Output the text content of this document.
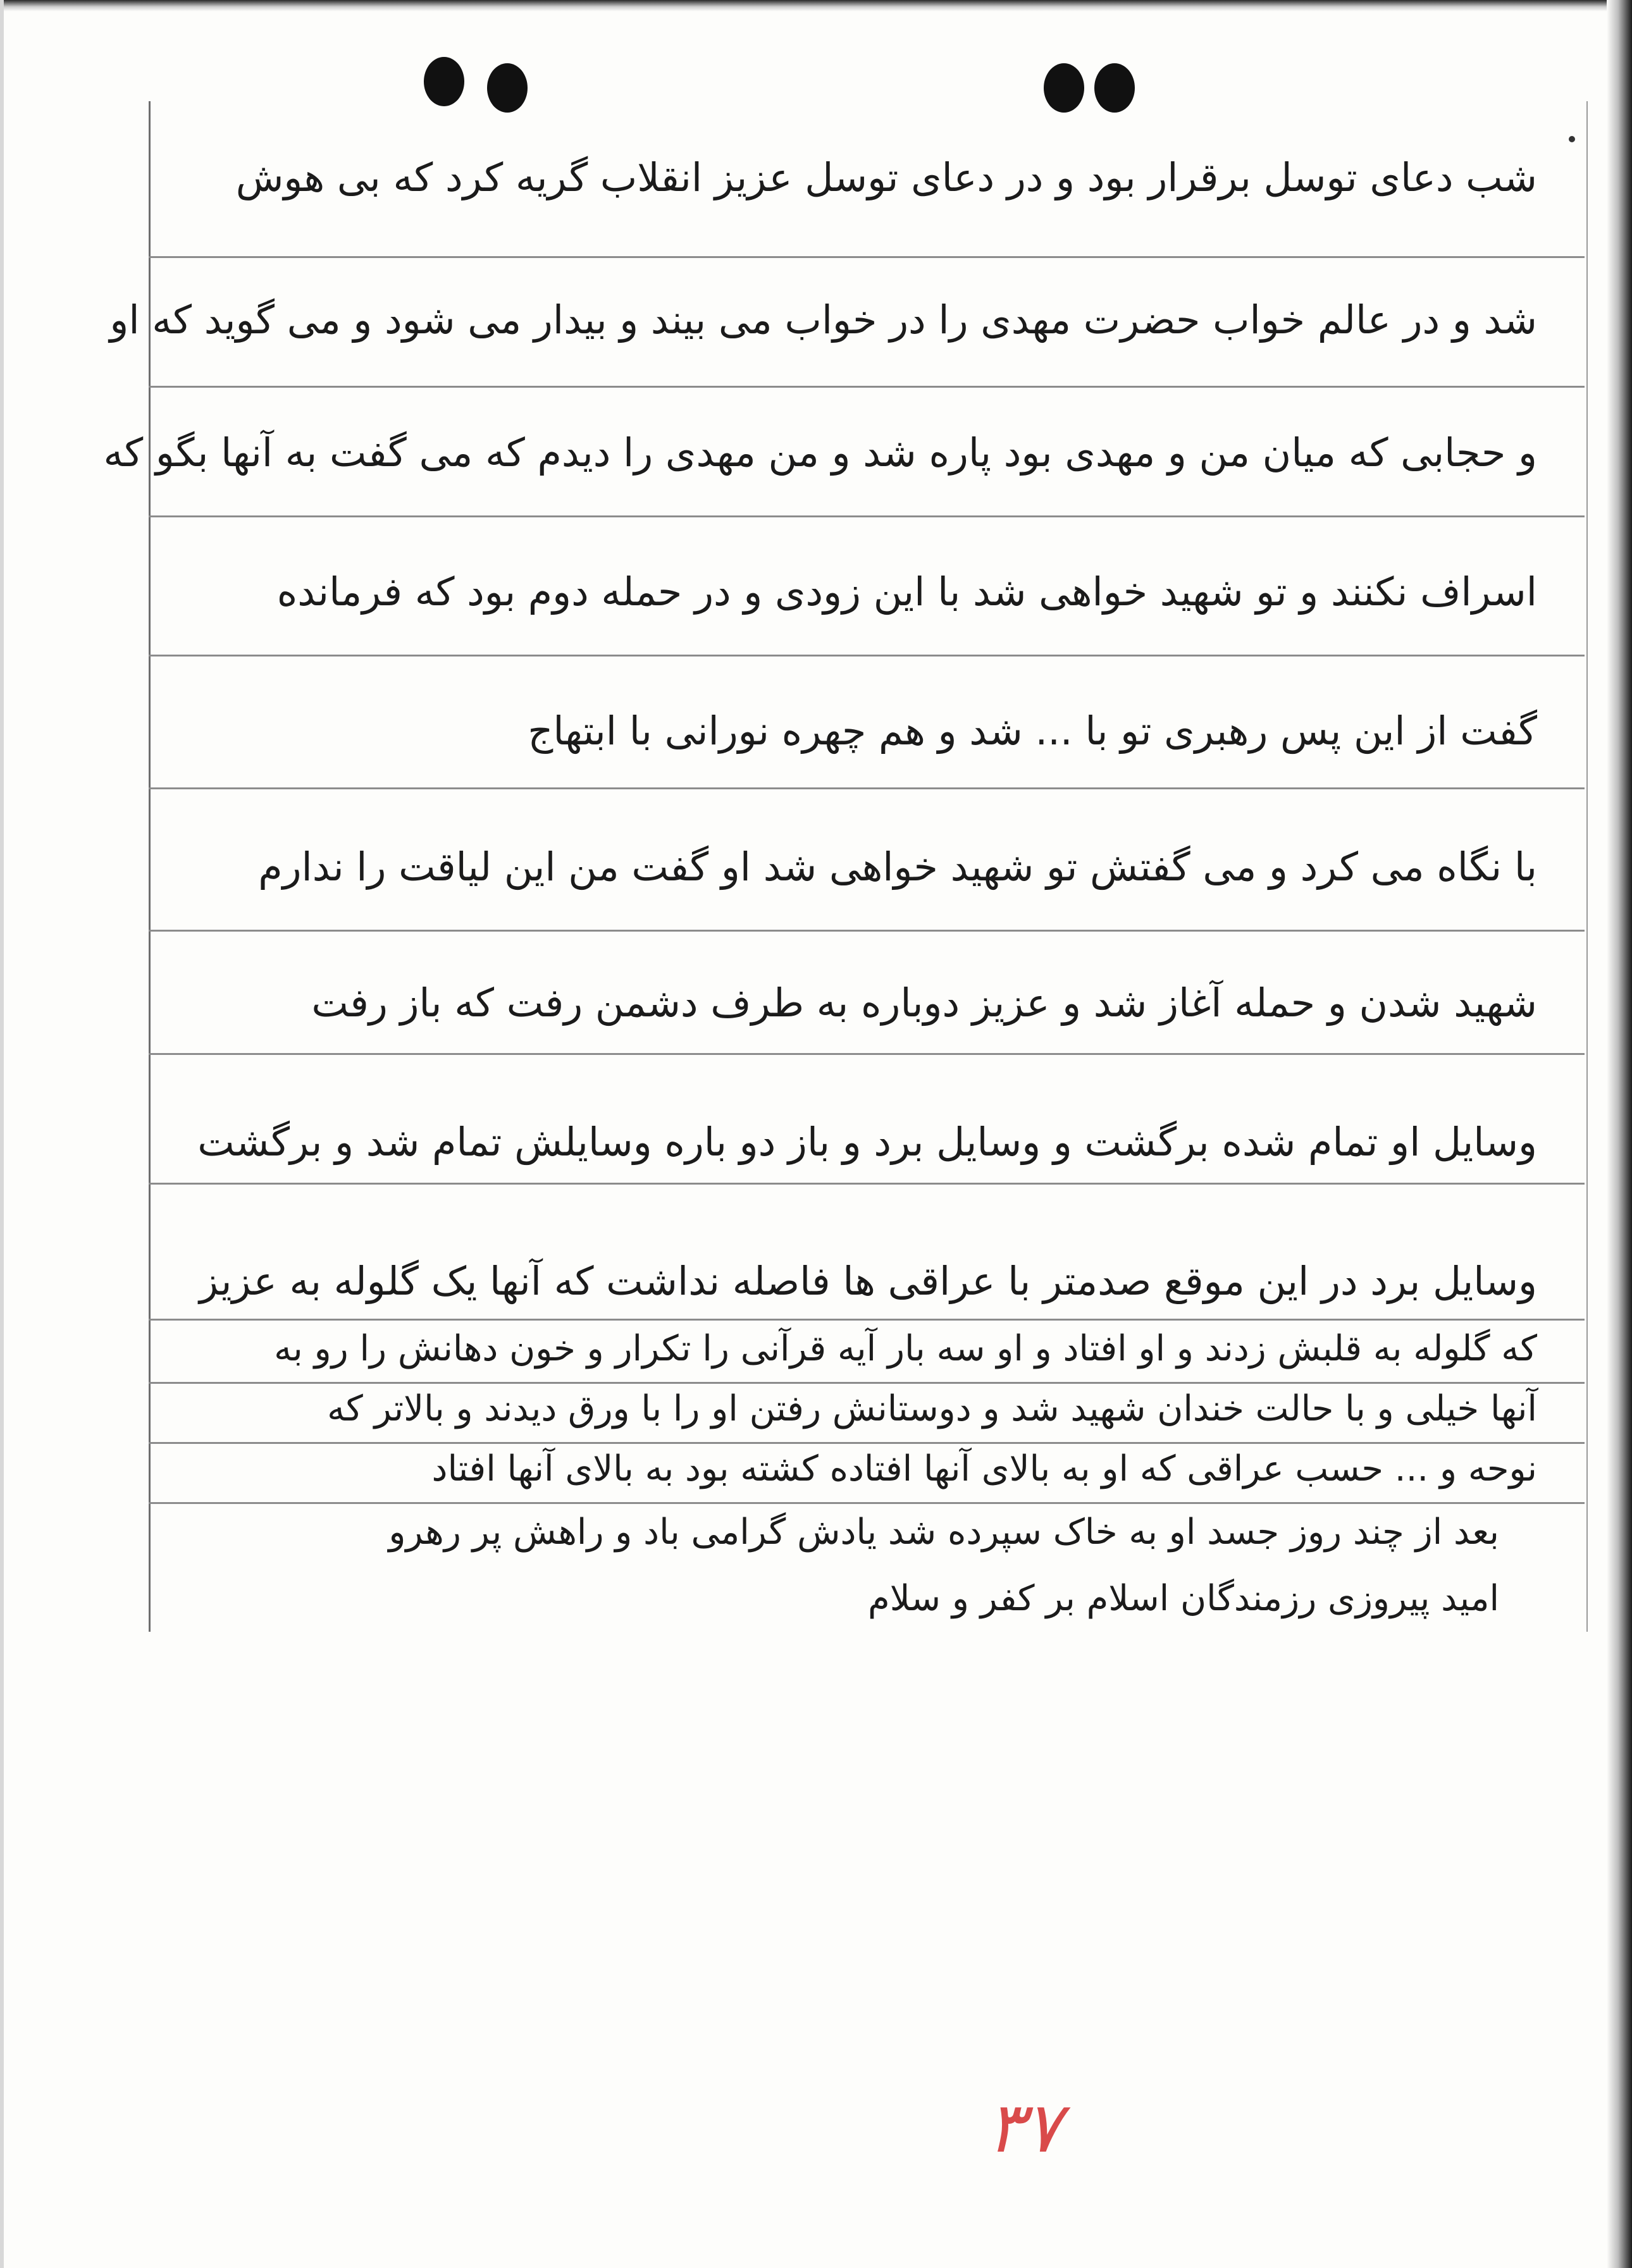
شب دعای توسل برقرار بود و در دعای توسل عزیز انقلاب گریه کرد که بی هوش
شد و در عالم خواب حضرت مهدی را در خواب می بیند و بیدار می شود و می گوید که او
و حجابی که میان من و مهدی بود پاره شد و من مهدی را دیدم که می گفت به آنها بگو که
اسراف نکنند و تو شهید خواهی شد با این زودی و در حمله دوم بود که فرمانده
گفت از این پس رهبری تو با ... شد و هم چهره نورانی با ابتهاج
با نگاه می کرد و می گفتش تو شهید خواهی شد او گفت من این لیاقت را ندارم
شهید شدن و حمله آغاز شد و عزیز دوباره به طرف دشمن رفت که باز رفت
وسایل او تمام شده برگشت و وسایل برد و باز دو باره وسایلش تمام شد و برگشت
وسایل برد در این موقع صدمتر با عراقی ها فاصله نداشت که آنها یک گلوله به عزیز
که گلوله به قلبش زدند و او افتاد و او سه بار آیه قرآنی را تکرار و خون دهانش را رو به
آنها خیلی و با حالت خندان شهید شد و دوستانش رفتن او را با ورق دیدند و بالاتر که
نوحه و ... حسب عراقی که او به بالای آنها افتاده کشته بود به بالای آنها افتاد
بعد از چند روز جسد او به خاک سپرده شد یادش گرامی باد و راهش پر رهرو
امید پیروزی رزمندگان اسلام بر کفر و سلام
۳۷
